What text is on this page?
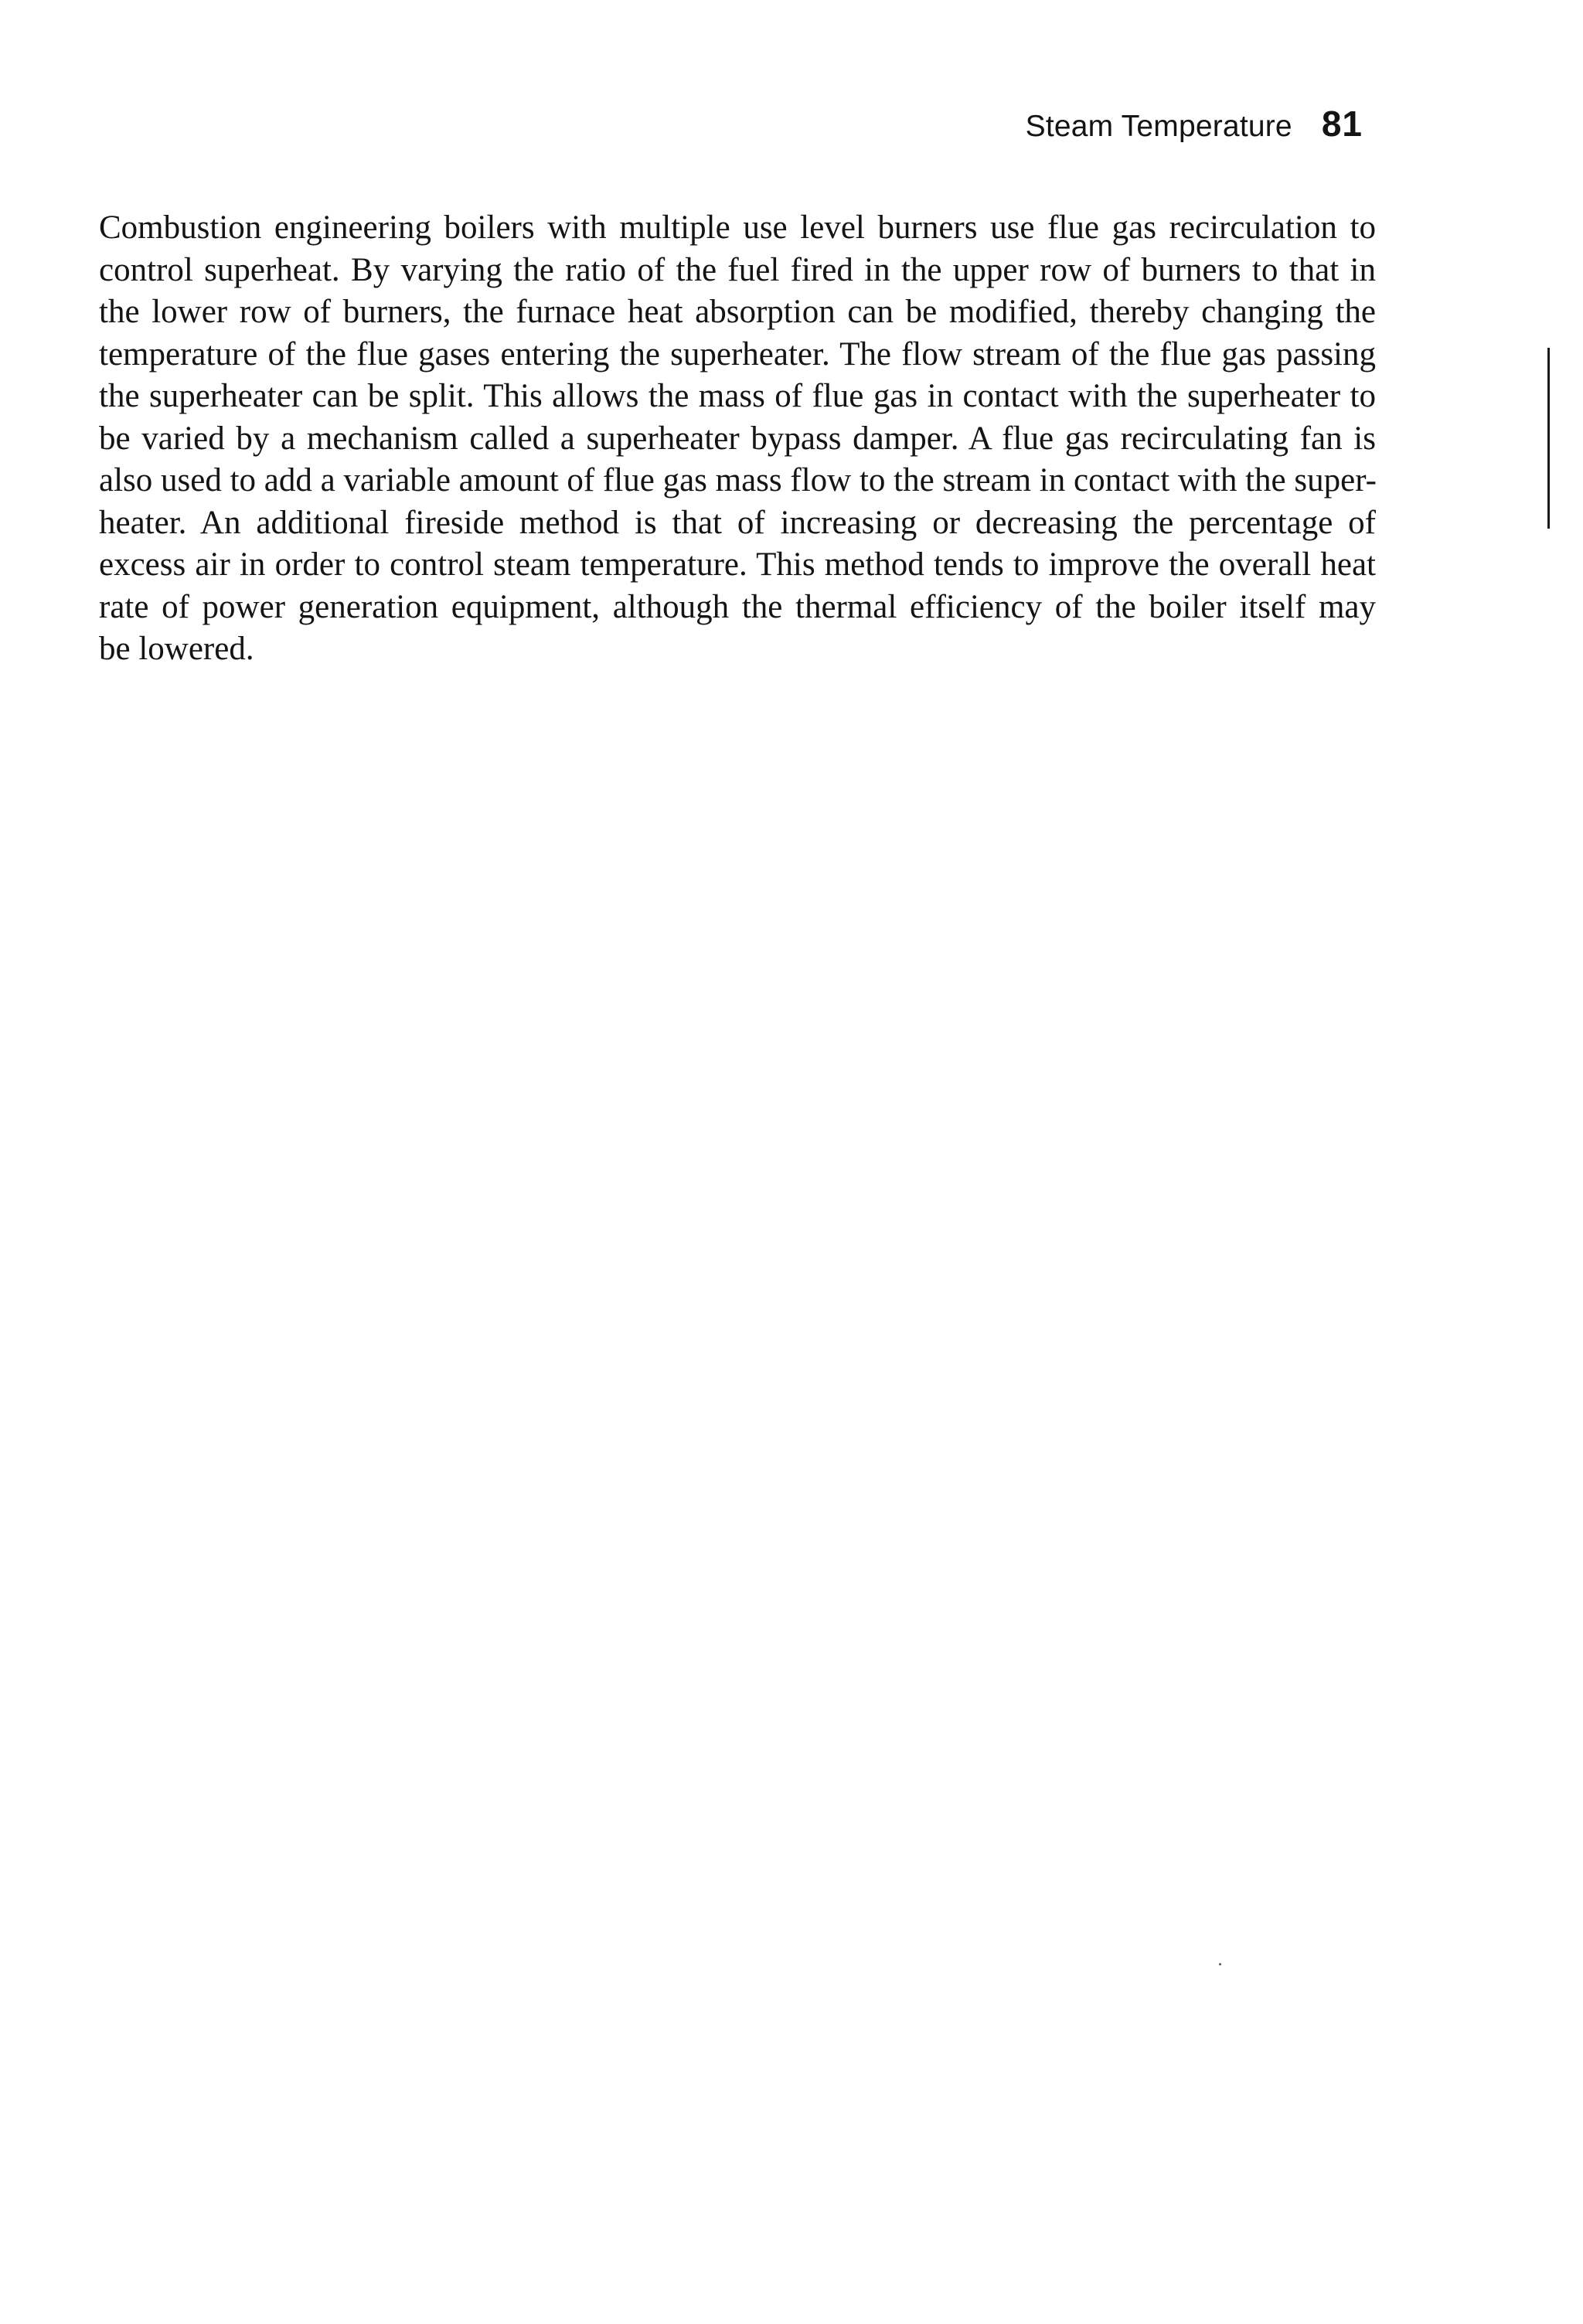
Steam Temperature 81

Combustion engineering boilers with multiple use level burners use flue gas recirculation to
control superheat. By varying the ratio of the fuel fired in the upper row of burners to that in
the lower row of burners, the furnace heat absorption can be modified, thereby changing the
temperature of the flue gases entering the superheater. The flow stream of the flue gas passing
the superheater can be split. This allows the mass of flue gas in contact with the superheater to
be varied by a mechanism called a superheater bypass damper. A flue gas recirculating fan is
also used to add a variable amount of flue gas mass flow to the stream in contact with the super-
heater. An additional fireside method is that of increasing or decreasing the percentage of
excess air in order to control steam temperature. This method tends to improve the overall heat
rate of power generation equipment, although the thermal efficiency of the boiler itself may
be lowered.
